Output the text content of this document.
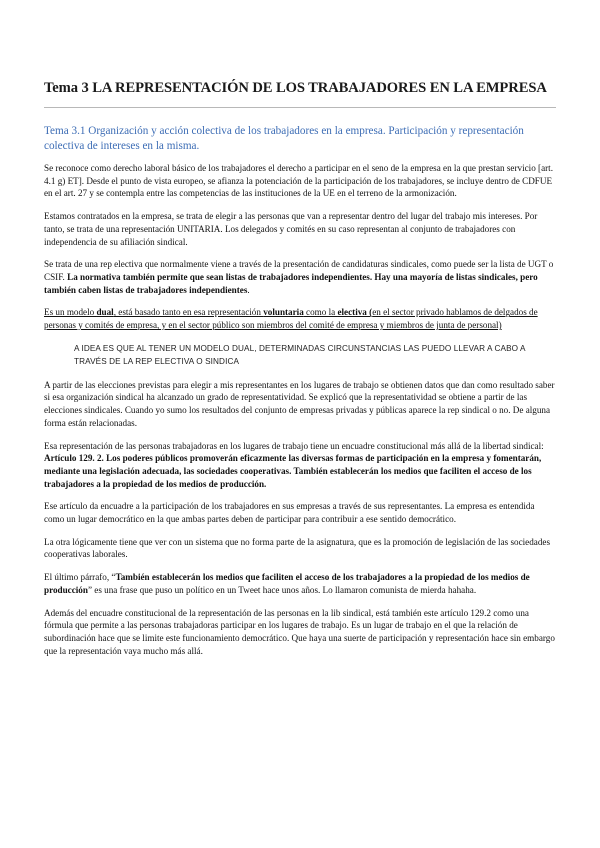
Tema 3 LA REPRESENTACIÓN DE LOS TRABAJADORES EN LA EMPRESA
Tema 3.1 Organización y acción colectiva de los trabajadores en la empresa. Participación y representación colectiva de intereses en la misma.

Se reconoce como derecho laboral básico de los trabajadores el derecho a participar en el seno de la empresa en la que prestan servicio [art. 4.1 g) ET]. Desde el punto de vista europeo, se afianza la potenciación de la participación de los trabajadores, se incluye dentro de CDFUE en el art. 27 y se contempla entre las competencias de las instituciones de la UE en el terreno de la armonización.

Estamos contratados en la empresa, se trata de elegir a las personas que van a representar dentro del lugar del trabajo mis intereses. Por tanto, se trata de una representación UNITARIA. Los delegados y comités en su caso representan al conjunto de trabajadores con independencia de su afiliación sindical.

Se trata de una rep electiva que normalmente viene a través de la presentación de candidaturas sindicales, como puede ser la lista de UGT o CSIF. La normativa también permite que sean listas de trabajadores independientes. Hay una mayoría de listas sindicales, pero también caben listas de trabajadores independientes.

Es un modelo dual, está basado tanto en esa representación voluntaria como la electiva (en el sector privado hablamos de delgados de personas y comités de empresa, y en el sector público son miembros del comité de empresa y miembros de junta de personal)

A IDEA ES QUE AL TENER UN MODELO DUAL, DETERMINADAS CIRCUNSTANCIAS LAS PUEDO LLEVAR A CABO A TRAVÉS DE LA REP ELECTIVA O SINDICA

A partir de las elecciones previstas para elegir a mis representantes en los lugares de trabajo se obtienen datos que dan como resultado saber si esa organización sindical ha alcanzado un grado de representatividad. Se explicó que la representatividad se obtiene a partir de las elecciones sindicales. Cuando yo sumo los resultados del conjunto de empresas privadas y públicas aparece la rep sindical o no. De alguna forma están relacionadas.

Esa representación de las personas trabajadoras en los lugares de trabajo tiene un encuadre constitucional más allá de la libertad sindical: Artículo 129. 2. Los poderes públicos promoverán eficazmente las diversas formas de participación en la empresa y fomentarán, mediante una legislación adecuada, las sociedades cooperativas. También establecerán los medios que faciliten el acceso de los trabajadores a la propiedad de los medios de producción.

Ese artículo da encuadre a la participación de los trabajadores en sus empresas a través de sus representantes. La empresa es entendida como un lugar democrático en la que ambas partes deben de participar para contribuir a ese sentido democrático.

La otra lógicamente tiene que ver con un sistema que no forma parte de la asignatura, que es la promoción de legislación de las sociedades cooperativas laborales.

El último párrafo, “También establecerán los medios que faciliten el acceso de los trabajadores a la propiedad de los medios de producción” es una frase que puso un político en un Tweet hace unos años. Lo llamaron comunista de mierda hahaha.

Además del encuadre constitucional de la representación de las personas en la lib sindical, está también este artículo 129.2 como una fórmula que permite a las personas trabajadoras participar en los lugares de trabajo. Es un lugar de trabajo en el que la relación de subordinación hace que se limite este funcionamiento democrático. Que haya una suerte de participación y representación hace sin embargo que la representación vaya mucho más allá.
